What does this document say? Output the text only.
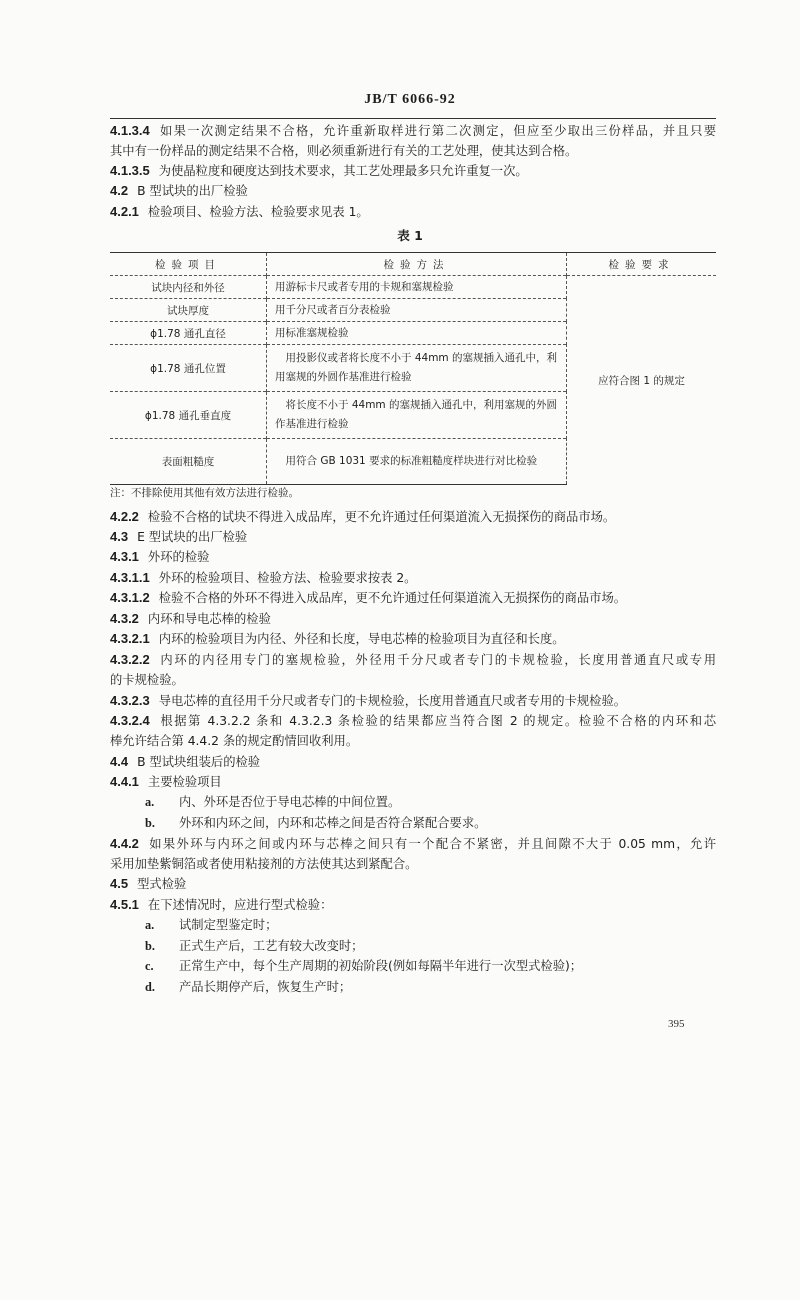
JB/T 6066-92
4.1.3.4 如果一次测定结果不合格，允许重新取样进行第二次测定，但应至少取出三份样品，并且只要
其中有一份样品的测定结果不合格，则必须重新进行有关的工艺处理，使其达到合格。
4.1.3.5 为使晶粒度和硬度达到技术要求，其工艺处理最多只允许重复一次。
4.2 B 型试块的出厂检验
4.2.1 检验项目、检验方法、检验要求见表 1。
表 1
检验项目	检验方法	检验要求
试块内径和外径	用游标卡尺或者专用的卡规和塞规检验	应符合图 1 的规定
试块厚度	用千分尺或者百分表检验	
ϕ1.78 通孔直径	用标准塞规检验	
ϕ1.78 通孔位置	　用投影仪或者将长度不小于 44mm 的塞规插入通孔中，利用塞规的外圆作基准进行检验	
ϕ1.78 通孔垂直度	　将长度不小于 44mm 的塞规插入通孔中，利用塞规的外圆作基准进行检验	
表面粗糙度	　用符合 GB 1031 要求的标准粗糙度样块进行对比检验	
注：不排除使用其他有效方法进行检验。
4.2.2 检验不合格的试块不得进入成品库，更不允许通过任何渠道流入无损探伤的商品市场。
4.3 E 型试块的出厂检验
4.3.1 外环的检验
4.3.1.1 外环的检验项目、检验方法、检验要求按表 2。
4.3.1.2 检验不合格的外环不得进入成品库，更不允许通过任何渠道流入无损探伤的商品市场。
4.3.2 内环和导电芯棒的检验
4.3.2.1 内环的检验项目为内径、外径和长度，导电芯棒的检验项目为直径和长度。
4.3.2.2 内环的内径用专门的塞规检验，外径用千分尺或者专门的卡规检验，长度用普通直尺或专用
的卡规检验。
4.3.2.3 导电芯棒的直径用千分尺或者专门的卡规检验，长度用普通直尺或者专用的卡规检验。
4.3.2.4 根据第 4.3.2.2 条和 4.3.2.3 条检验的结果都应当符合图 2 的规定。检验不合格的内环和芯
棒允许结合第 4.4.2 条的规定酌情回收利用。
4.4 B 型试块组装后的检验
4.4.1 主要检验项目
a. 内、外环是否位于导电芯棒的中间位置。
b. 外环和内环之间，内环和芯棒之间是否符合紧配合要求。
4.4.2 如果外环与内环之间或内环与芯棒之间只有一个配合不紧密，并且间隙不大于 0.05 mm，允许
采用加垫紫铜箔或者使用粘接剂的方法使其达到紧配合。
4.5 型式检验
4.5.1 在下述情况时，应进行型式检验：
a. 试制定型鉴定时；
b. 正式生产后，工艺有较大改变时；
c. 正常生产中，每个生产周期的初始阶段(例如每隔半年进行一次型式检验)；
d. 产品长期停产后，恢复生产时；
395
